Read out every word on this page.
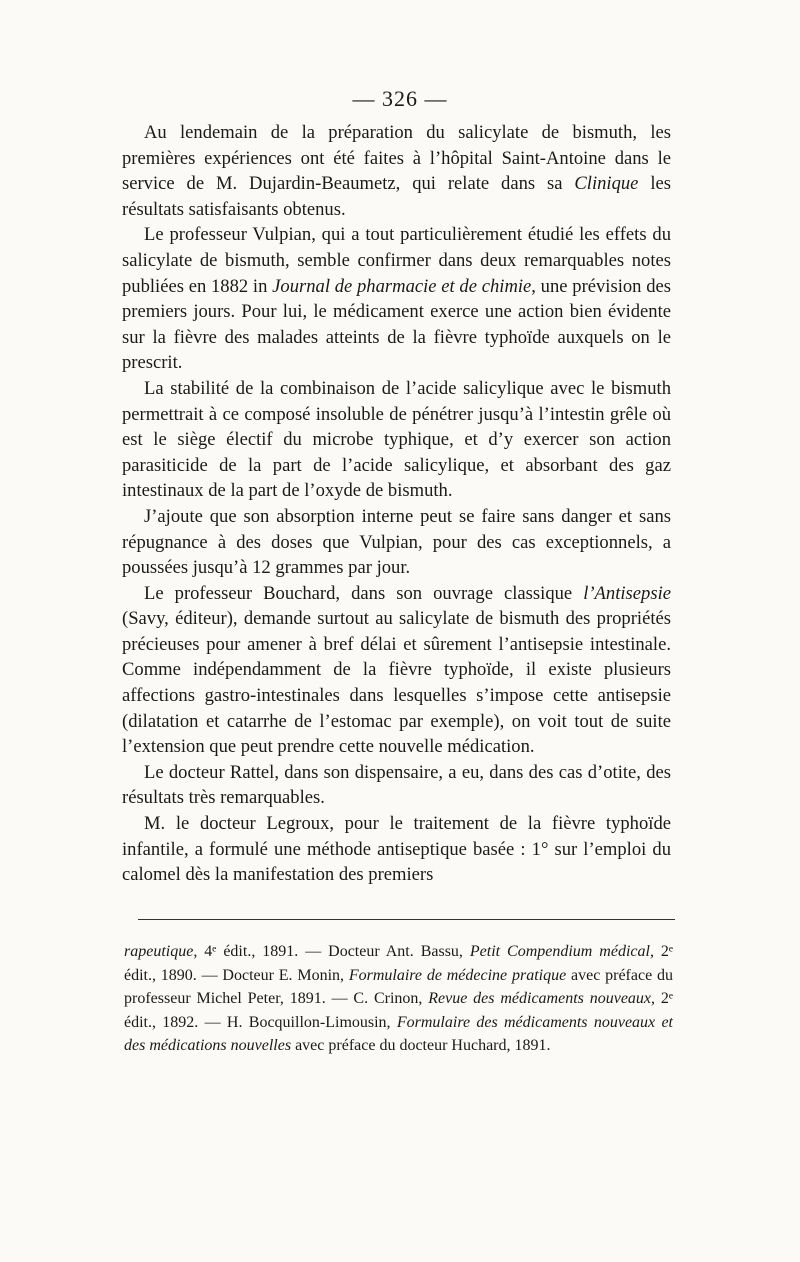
— 326 —

Au lendemain de la préparation du salicylate de bismuth, les premières expériences ont été faites à l’hôpital Saint-Antoine dans le service de M. Dujardin-Beaumetz, qui relate dans sa Clinique les résultats satisfaisants obtenus.

Le professeur Vulpian, qui a tout particulièrement étudié les effets du salicylate de bismuth, semble confirmer dans deux remarquables notes publiées en 1882 in Journal de pharmacie et de chimie, une prévision des premiers jours. Pour lui, le médicament exerce une action bien évidente sur la fièvre des malades atteints de la fièvre typhoïde auxquels on le prescrit.

La stabilité de la combinaison de l’acide salicylique avec le bismuth permettrait à ce composé insoluble de pénétrer jusqu’à l’intestin grêle où est le siège électif du microbe typhique, et d’y exercer son action parasiticide de la part de l’acide salicylique, et absorbant des gaz intestinaux de la part de l’oxyde de bismuth.

J’ajoute que son absorption interne peut se faire sans danger et sans répugnance à des doses que Vulpian, pour des cas exceptionnels, a poussées jusqu’à 12 grammes par jour.

Le professeur Bouchard, dans son ouvrage classique l’Antisepsie (Savy, éditeur), demande surtout au salicylate de bismuth des propriétés précieuses pour amener à bref délai et sûrement l’antisepsie intestinale. Comme indépendamment de la fièvre typhoïde, il existe plusieurs affections gastro-intestinales dans lesquelles s’impose cette antisepsie (dilatation et catarrhe de l’estomac par exemple), on voit tout de suite l’extension que peut prendre cette nouvelle médication.

Le docteur Rattel, dans son dispensaire, a eu, dans des cas d’otite, des résultats très remarquables.

M. le docteur Legroux, pour le traitement de la fièvre typhoïde infantile, a formulé une méthode antiseptique basée : 1° sur l’emploi du calomel dès la manifestation des premiers

rapeutique, 4ᵉ édit., 1891. — Docteur Ant. Bassu, Petit Compendium médical, 2ᵉ édit., 1890. — Docteur E. Monin, Formulaire de médecine pratique avec préface du professeur Michel Peter, 1891. — C. Crinon, Revue des médicaments nouveaux, 2ᵉ édit., 1892. — H. Bocquillon-Limousin, Formulaire des médicaments nouveaux et des médications nouvelles avec préface du docteur Huchard, 1891.
